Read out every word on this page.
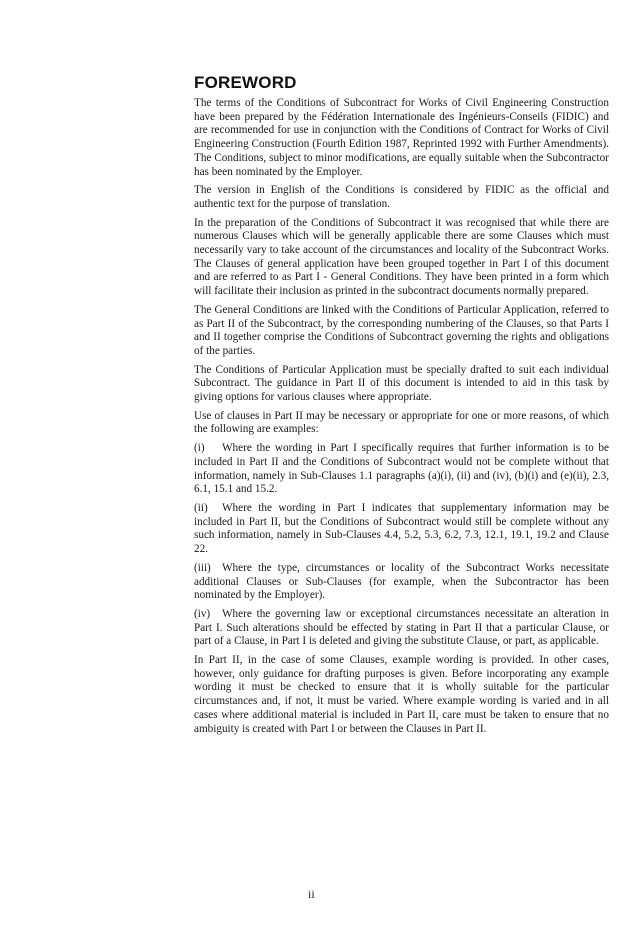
FOREWORD

The terms of the Conditions of Subcontract for Works of Civil Engineering Construction have been prepared by the Fédération Internationale des Ingénieurs-Conseils (FIDIC) and are recommended for use in conjunction with the Conditions of Contract for Works of Civil Engineering Construction (Fourth Edition 1987, Reprinted 1992 with Further Amendments). The Conditions, subject to minor modifications, are equally suitable when the Subcontractor has been nominated by the Employer.

The version in English of the Conditions is considered by FIDIC as the official and authentic text for the purpose of translation.

In the preparation of the Conditions of Subcontract it was recognised that while there are numerous Clauses which will be generally applicable there are some Clauses which must necessarily vary to take account of the circumstances and locality of the Subcontract Works. The Clauses of general application have been grouped together in Part I of this document and are referred to as Part I - General Conditions. They have been printed in a form which will facilitate their inclusion as printed in the subcontract documents normally prepared.

The General Conditions are linked with the Conditions of Particular Application, referred to as Part II of the Subcontract, by the corresponding numbering of the Clauses, so that Parts I and II together comprise the Conditions of Subcontract governing the rights and obligations of the parties.

The Conditions of Particular Application must be specially drafted to suit each individual Subcontract. The guidance in Part II of this document is intended to aid in this task by giving options for various clauses where appropriate.

Use of clauses in Part II may be necessary or appropriate for one or more reasons, of which the following are examples:

(i) Where the wording in Part I specifically requires that further information is to be included in Part II and the Conditions of Subcontract would not be complete without that information, namely in Sub-Clauses 1.1 paragraphs (a)(i), (ii) and (iv), (b)(i) and (e)(ii), 2.3, 6.1, 15.1 and 15.2.

(ii) Where the wording in Part I indicates that supplementary information may be included in Part II, but the Conditions of Subcontract would still be complete without any such information, namely in Sub-Clauses 4.4, 5.2, 5.3, 6.2, 7.3, 12.1, 19.1, 19.2 and Clause 22.

(iii) Where the type, circumstances or locality of the Subcontract Works necessitate additional Clauses or Sub-Clauses (for example, when the Subcontractor has been nominated by the Employer).

(iv) Where the governing law or exceptional circumstances necessitate an alteration in Part I. Such alterations should be effected by stating in Part II that a particular Clause, or part of a Clause, in Part I is deleted and giving the substitute Clause, or part, as applicable.

In Part II, in the case of some Clauses, example wording is provided. In other cases, however, only guidance for drafting purposes is given. Before incorporating any example wording it must be checked to ensure that it is wholly suitable for the particular circumstances and, if not, it must be varied. Where example wording is varied and in all cases where additional material is included in Part II, care must be taken to ensure that no ambiguity is created with Part I or between the Clauses in Part II.

ii
